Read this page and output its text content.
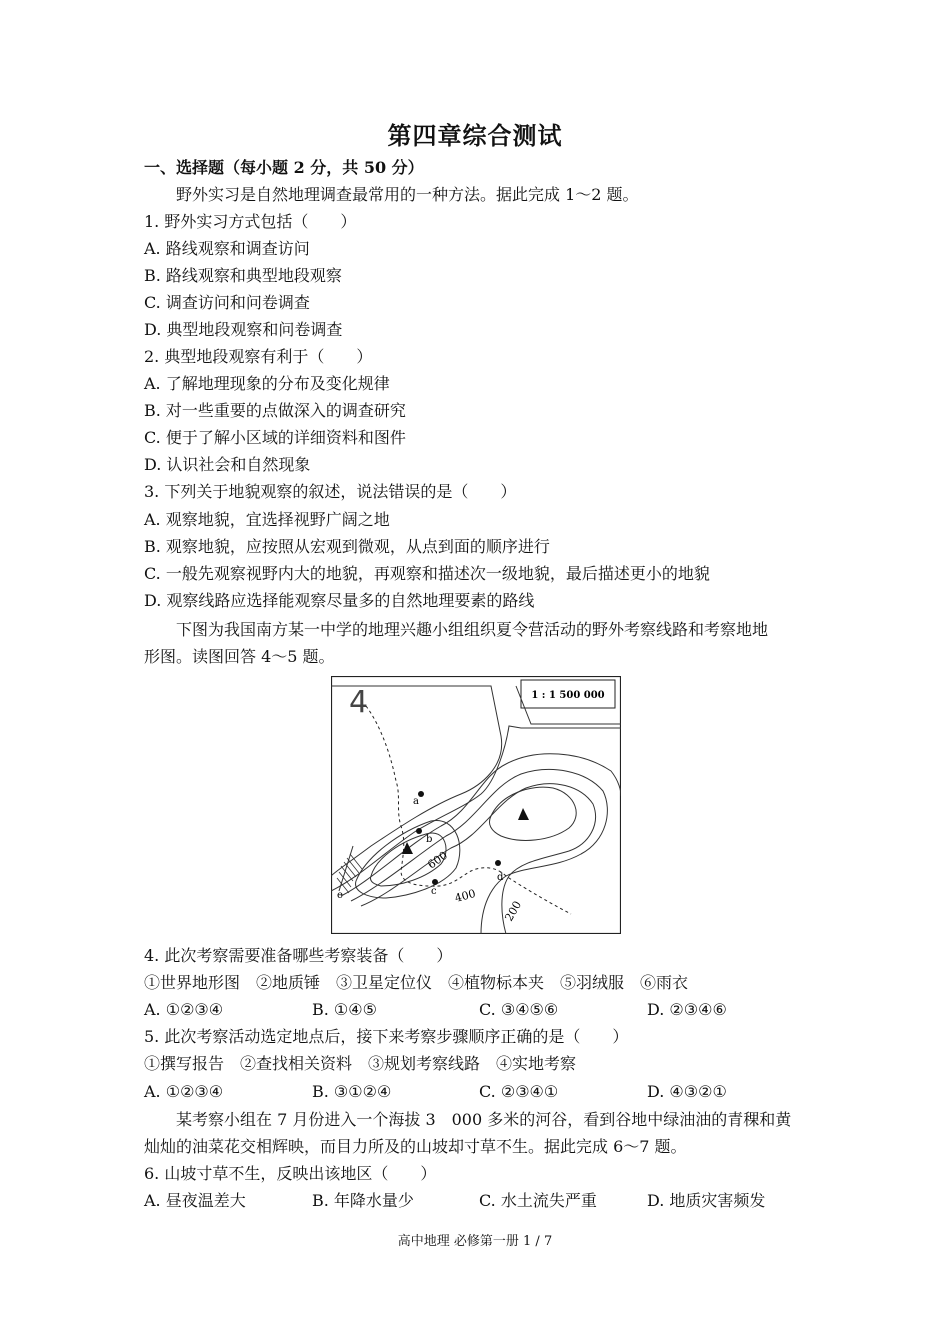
第四章综合测试
一、选择题（每小题 2 分，共 50 分）
野外实习是自然地理调查最常用的一种方法。据此完成 1～2 题。
1. 野外实习方式包括（　　）
A. 路线观察和调查访问
B. 路线观察和典型地段观察
C. 调查访问和问卷调查
D. 典型地段观察和问卷调查
2. 典型地段观察有利于（　　）
A. 了解地理现象的分布及变化规律
B. 对一些重要的点做深入的调查研究
C. 便于了解小区域的详细资料和图件
D. 认识社会和自然现象
3. 下列关于地貌观察的叙述，说法错误的是（　　）
A. 观察地貌，宜选择视野广阔之地
B. 观察地貌，应按照从宏观到微观，从点到面的顺序进行
C. 一般先观察视野内大的地貌，再观察和描述次一级地貌，最后描述更小的地貌
D. 观察线路应选择能观察尽量多的自然地理要素的路线
下图为我国南方某一中学的地理兴趣小组组织夏令营活动的野外考察线路和考察地地
形图。读图回答 4～5 题。
1 : 1 500 000
4
a
b
c
d
e
600
400
200
4. 此次考察需要准备哪些考察装备（　　）
①世界地形图　②地质锤　③卫星定位仪　④植物标本夹　⑤羽绒服　⑥雨衣
A. ①②③④	B. ①④⑤	C. ③④⑤⑥	D. ②③④⑥
5. 此次考察活动选定地点后，接下来考察步骤顺序正确的是（　　）
①撰写报告　②查找相关资料　③规划考察线路　④实地考察
A. ①②③④	B. ③①②④	C. ②③④①	D. ④③②①
某考察小组在 7 月份进入一个海拔 3　000 多米的河谷，看到谷地中绿油油的青稞和黄
灿灿的油菜花交相辉映，而目力所及的山坡却寸草不生。据此完成 6～7 题。
6. 山坡寸草不生，反映出该地区（　　）
A. 昼夜温差大	B. 年降水量少	C. 水土流失严重	D. 地质灾害频发
高中地理 必修第一册 1 / 7
